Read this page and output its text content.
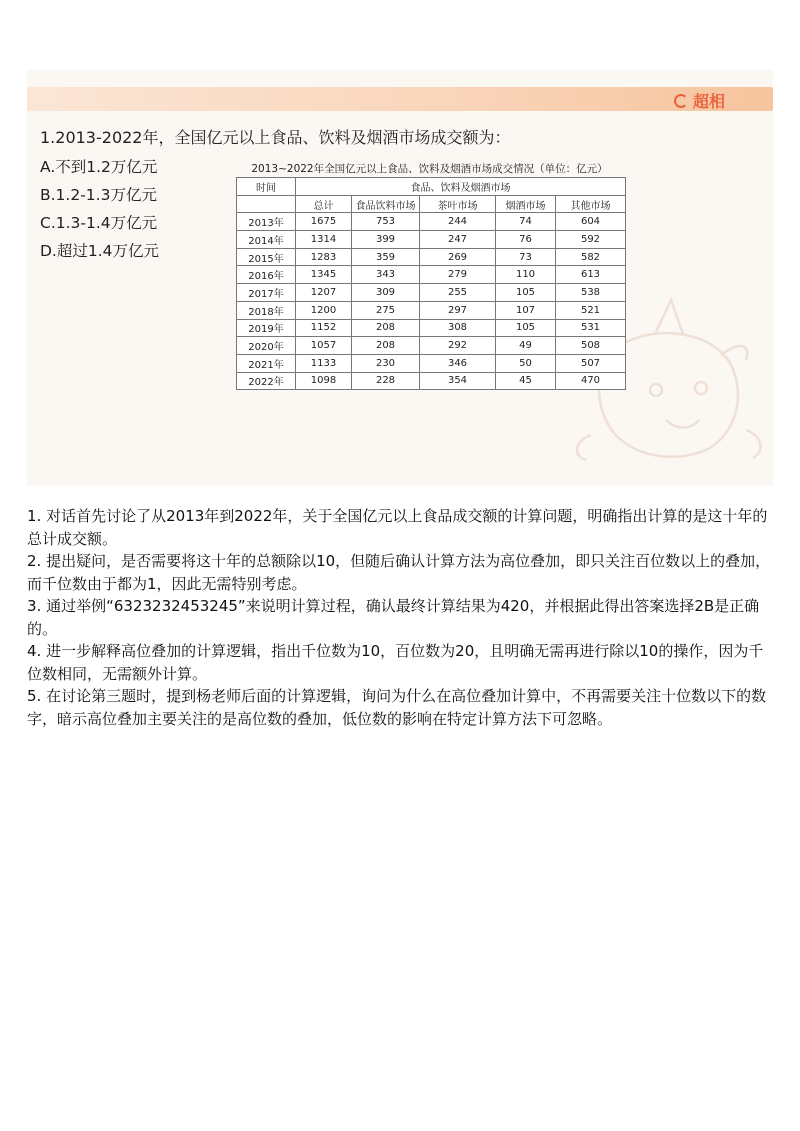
超相
1.2013-2022年，全国亿元以上食品、饮料及烟酒市场成交额为：
A.不到1.2万亿元
B.1.2-1.3万亿元
C.1.3-1.4万亿元
D.超过1.4万亿元
2013~2022年全国亿元以上食品、饮料及烟酒市场成交情况（单位：亿元）
时间	食品、饮料及烟酒市场				
	总计	食品饮料市场	茶叶市场	烟酒市场	其他市场
2013年	1675	753	244	74	604
2014年	1314	399	247	76	592
2015年	1283	359	269	73	582
2016年	1345	343	279	110	613
2017年	1207	309	255	105	538
2018年	1200	275	297	107	521
2019年	1152	208	308	105	531
2020年	1057	208	292	49	508
2021年	1133	230	346	50	507
2022年	1098	228	354	45	470

1. 对话首先讨论了从2013年到2022年，关于全国亿元以上食品成交额的计算问题，明确指出计算的是这十年的总计成交额。

2. 提出疑问，是否需要将这十年的总额除以10，但随后确认计算方法为高位叠加，即只关注百位数以上的叠加，而千位数由于都为1，因此无需特别考虑。

3. 通过举例“6323232453245”来说明计算过程，确认最终计算结果为420，并根据此得出答案选择2B是正确的。

4. 进一步解释高位叠加的计算逻辑，指出千位数为10，百位数为20，且明确无需再进行除以10的操作，因为千位数相同，无需额外计算。

5. 在讨论第三题时，提到杨老师后面的计算逻辑，询问为什么在高位叠加计算中，不再需要关注十位数以下的数字，暗示高位叠加主要关注的是高位数的叠加，低位数的影响在特定计算方法下可忽略。
